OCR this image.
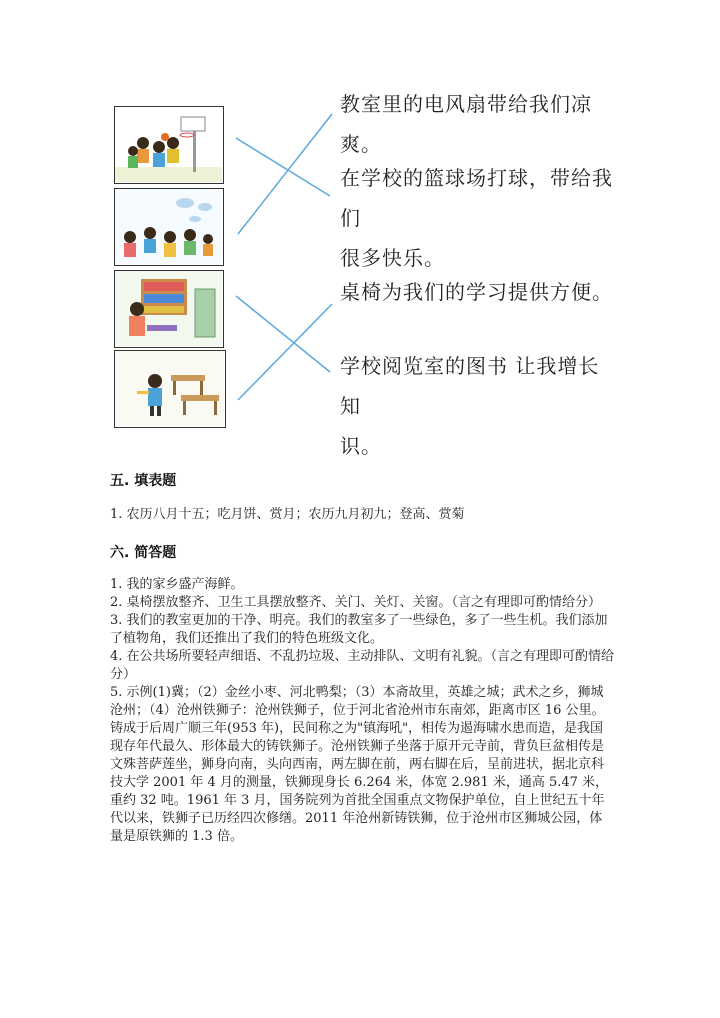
教室里的电风扇带给我们凉爽。
在学校的篮球场打球，带给我们
很多快乐。
桌椅为我们的学习提供方便。
学校阅览室的图书 让我增长知
识。
五. 填表题

1. 农历八月十五；吃月饼、赏月；农历九月初九；登高、赏菊

六. 简答题

1. 我的家乡盛产海鲜。

2. 桌椅摆放整齐、卫生工具摆放整齐、关门、关灯、关窗。（言之有理即可酌情给分）

3. 我们的教室更加的干净、明亮。我们的教室多了一些绿色，多了一些生机。我们添加了植物角，我们还推出了我们的特色班级文化。

4. 在公共场所要轻声细语、不乱扔垃圾、主动排队、文明有礼貌。（言之有理即可酌情给分）

5. 示例(1)冀；（2）金丝小枣、河北鸭梨；（3）本斋故里，英雄之城；武术之乡，狮城沧州；（4）沧州铁狮子：沧州铁狮子，位于河北省沧州市东南郊，距离市区 16 公里。铸成于后周广顺三年(953 年)，民间称之为"镇海吼"，相传为遏海啸水患而造，是我国现存年代最久、形体最大的铸铁狮子。沧州铁狮子坐落于原开元寺前，背负巨盆相传是文殊菩萨莲坐，狮身向南，头向西南，两左脚在前，两右脚在后，呈前进状，据北京科技大学 2001 年 4 月的测量，铁狮现身长 6.264 米，体宽 2.981 米，通高 5.47 米，重约 32 吨。1961 年 3 月，国务院列为首批全国重点文物保护单位，自上世纪五十年代以来，铁狮子已历经四次修缮。2011 年沧州新铸铁狮，位于沧州市区狮城公园，体量是原铁狮的 1.3 倍。
